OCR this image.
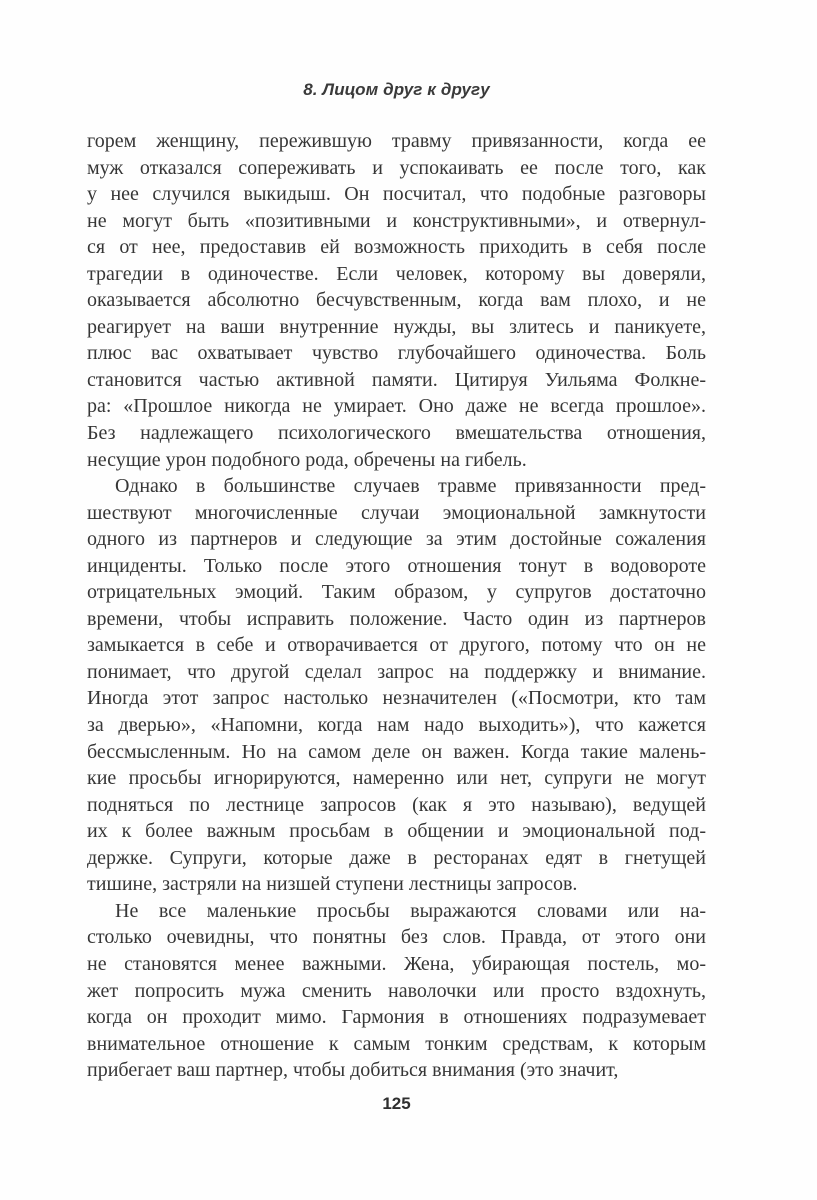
8. Лицом друг к другу
горем женщину, пережившую травму привязанности, когда ее
муж отказался сопереживать и успокаивать ее после того, как
у нее случился выкидыш. Он посчитал, что подобные разговоры
не могут быть «позитивными и конструктивными», и отвернул-
ся от нее, предоставив ей возможность приходить в себя после
трагедии в одиночестве. Если человек, которому вы доверяли,
оказывается абсолютно бесчувственным, когда вам плохо, и не
реагирует на ваши внутренние нужды, вы злитесь и паникуете,
плюс вас охватывает чувство глубочайшего одиночества. Боль
становится частью активной памяти. Цитируя Уильяма Фолкне-
ра: «Прошлое никогда не умирает. Оно даже не всегда прошлое».
Без надлежащего психологического вмешательства отношения,
несущие урон подобного рода, обречены на гибель.
Однако в большинстве случаев травме привязанности пред-
шествуют многочисленные случаи эмоциональной замкнутости
одного из партнеров и следующие за этим достойные сожаления
инциденты. Только после этого отношения тонут в водовороте
отрицательных эмоций. Таким образом, у супругов достаточно
времени, чтобы исправить положение. Часто один из партнеров
замыкается в себе и отворачивается от другого, потому что он не
понимает, что другой сделал запрос на поддержку и внимание.
Иногда этот запрос настолько незначителен («Посмотри, кто там
за дверью», «Напомни, когда нам надо выходить»), что кажется
бессмысленным. Но на самом деле он важен. Когда такие малень-
кие просьбы игнорируются, намеренно или нет, супруги не могут
подняться по лестнице запросов (как я это называю), ведущей
их к более важным просьбам в общении и эмоциональной под-
держке. Супруги, которые даже в ресторанах едят в гнетущей
тишине, застряли на низшей ступени лестницы запросов.
Не все маленькие просьбы выражаются словами или на-
столько очевидны, что понятны без слов. Правда, от этого они
не становятся менее важными. Жена, убирающая постель, мо-
жет попросить мужа сменить наволочки или просто вздохнуть,
когда он проходит мимо. Гармония в отношениях подразумевает
внимательное отношение к самым тонким средствам, к которым
прибегает ваш партнер, чтобы добиться внимания (это значит,
125
